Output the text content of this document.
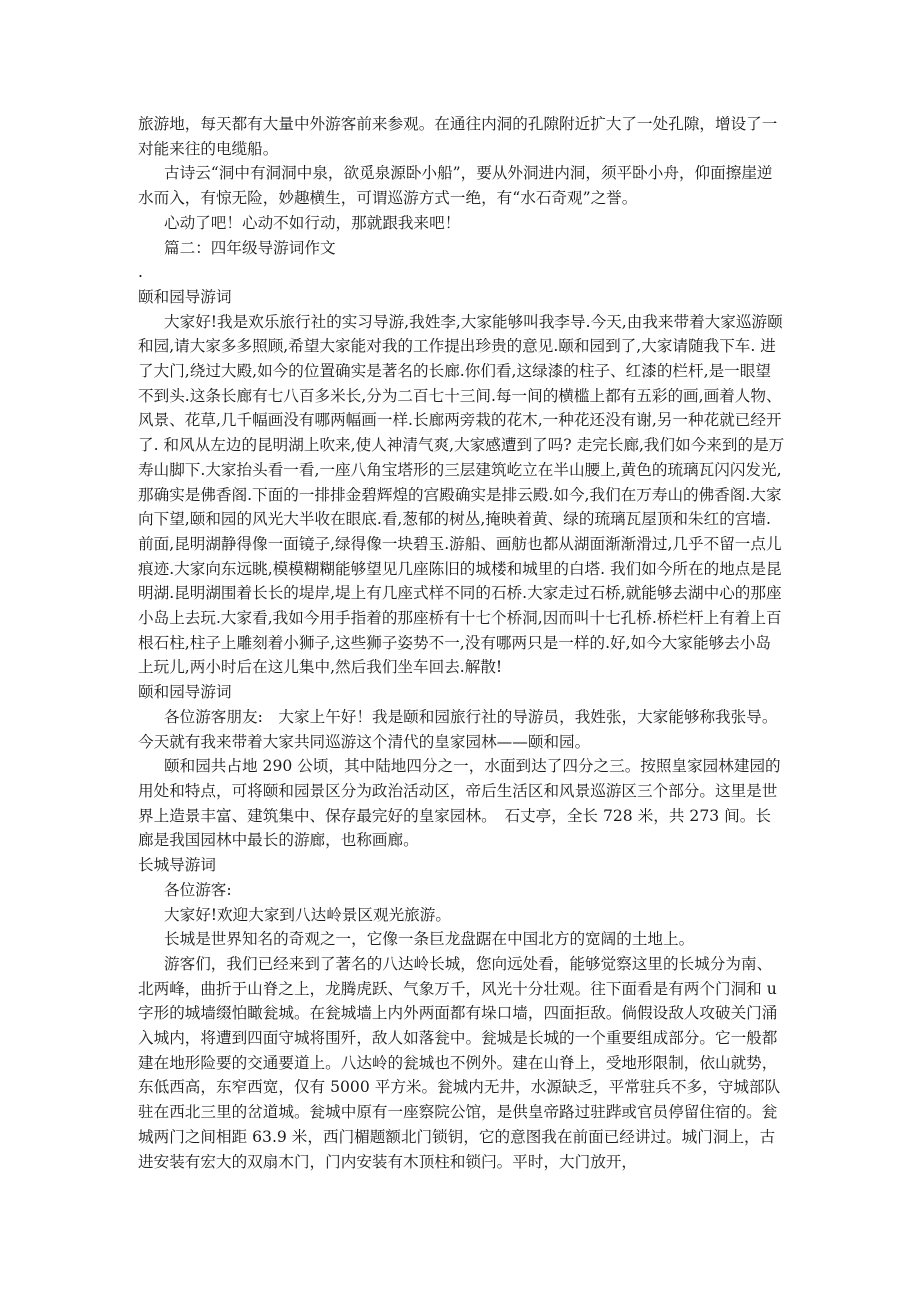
旅游地，每天都有大量中外游客前来参观。在通往内洞的孔隙附近扩大了一处孔隙，增设了一对能来往的电缆船。

古诗云“洞中有洞洞中泉，欲觅泉源卧小船”，要从外洞进内洞，须平卧小舟，仰面擦崖逆水而入，有惊无险，妙趣横生，可谓巡游方式一绝，有“水石奇观”之誉。

心动了吧！心动不如行动，那就跟我来吧！

篇二：四年级导游词作文

.

颐和园导游词

大家好!我是欢乐旅行社的实习导游,我姓李,大家能够叫我李导.今天,由我来带着大家巡游颐和园,请大家多多照顾,希望大家能对我的工作提出珍贵的意见.颐和园到了,大家请随我下车. 进了大门,绕过大殿,如今的位置确实是著名的长廊.你们看,这绿漆的柱子、红漆的栏杆,是一眼望不到头.这条长廊有七八百多米长,分为二百七十三间.每一间的横槛上都有五彩的画,画着人物、风景、花草,几千幅画没有哪两幅画一样.长廊两旁栽的花木,一种花还没有谢,另一种花就已经开了. 和风从左边的昆明湖上吹来,使人神清气爽,大家感遭到了吗? 走完长廊,我们如今来到的是万寿山脚下.大家抬头看一看,一座八角宝塔形的三层建筑屹立在半山腰上,黄色的琉璃瓦闪闪发光,那确实是佛香阁.下面的一排排金碧辉煌的宫殿确实是排云殿.如今,我们在万寿山的佛香阁.大家向下望,颐和园的风光大半收在眼底.看,葱郁的树丛,掩映着黄、绿的琉璃瓦屋顶和朱红的宫墙.前面,昆明湖静得像一面镜子,绿得像一块碧玉.游船、画舫也都从湖面渐渐滑过,几乎不留一点儿痕迹.大家向东远眺,模模糊糊能够望见几座陈旧的城楼和城里的白塔. 我们如今所在的地点是昆明湖.昆明湖围着长长的堤岸,堤上有几座式样不同的石桥.大家走过石桥,就能够去湖中心的那座小岛上去玩.大家看,我如今用手指着的那座桥有十七个桥洞,因而叫十七孔桥.桥栏杆上有着上百根石柱,柱子上雕刻着小狮子,这些狮子姿势不一,没有哪两只是一样的.好,如今大家能够去小岛上玩儿,两小时后在这儿集中,然后我们坐车回去.解散!

颐和园导游词

各位游客朋友:　大家上午好！我是颐和园旅行社的导游员，我姓张，大家能够称我张导。今天就有我来带着大家共同巡游这个清代的皇家园林——颐和园。

颐和园共占地 290 公顷，其中陆地四分之一，水面到达了四分之三。按照皇家园林建园的用处和特点，可将颐和园景区分为政治活动区，帝后生活区和风景巡游区三个部分。这里是世界上造景丰富、建筑集中、保存最完好的皇家园林。　石丈亭，全长 728 米，共 273 间。长廊是我国园林中最长的游廊，也称画廊。

长城导游词

各位游客:

大家好!欢迎大家到八达岭景区观光旅游。

长城是世界知名的奇观之一，它像一条巨龙盘踞在中国北方的宽阔的土地上。

游客们，我们已经来到了著名的八达岭长城，您向远处看，能够觉察这里的长城分为南、北两峰，曲折于山脊之上，龙腾虎跃、气象万千，风光十分壮观。往下面看是有两个门洞和 u 字形的城墙缀怕瞰瓮城。在瓮城墙上内外两面都有垛口墙，四面拒敌。倘假设敌人攻破关门涌入城内，将遭到四面守城将围歼，敌人如落瓮中。瓮城是长城的一个重要组成部分。它一般都建在地形险要的交通要道上。八达岭的瓮城也不例外。建在山脊上，受地形限制，依山就势，东低西高，东窄西宽，仅有 5000 平方米。瓮城内无井，水源缺乏，平常驻兵不多，守城部队驻在西北三里的岔道城。瓮城中原有一座察院公馆，是供皇帝路过驻跸或官员停留住宿的。瓮城两门之间相距 63.9 米，西门楣题额北门锁钥，它的意图我在前面已经讲过。城门洞上，古进安装有宏大的双扇木门，门内安装有木顶柱和锁闩。平时，大门放开，
